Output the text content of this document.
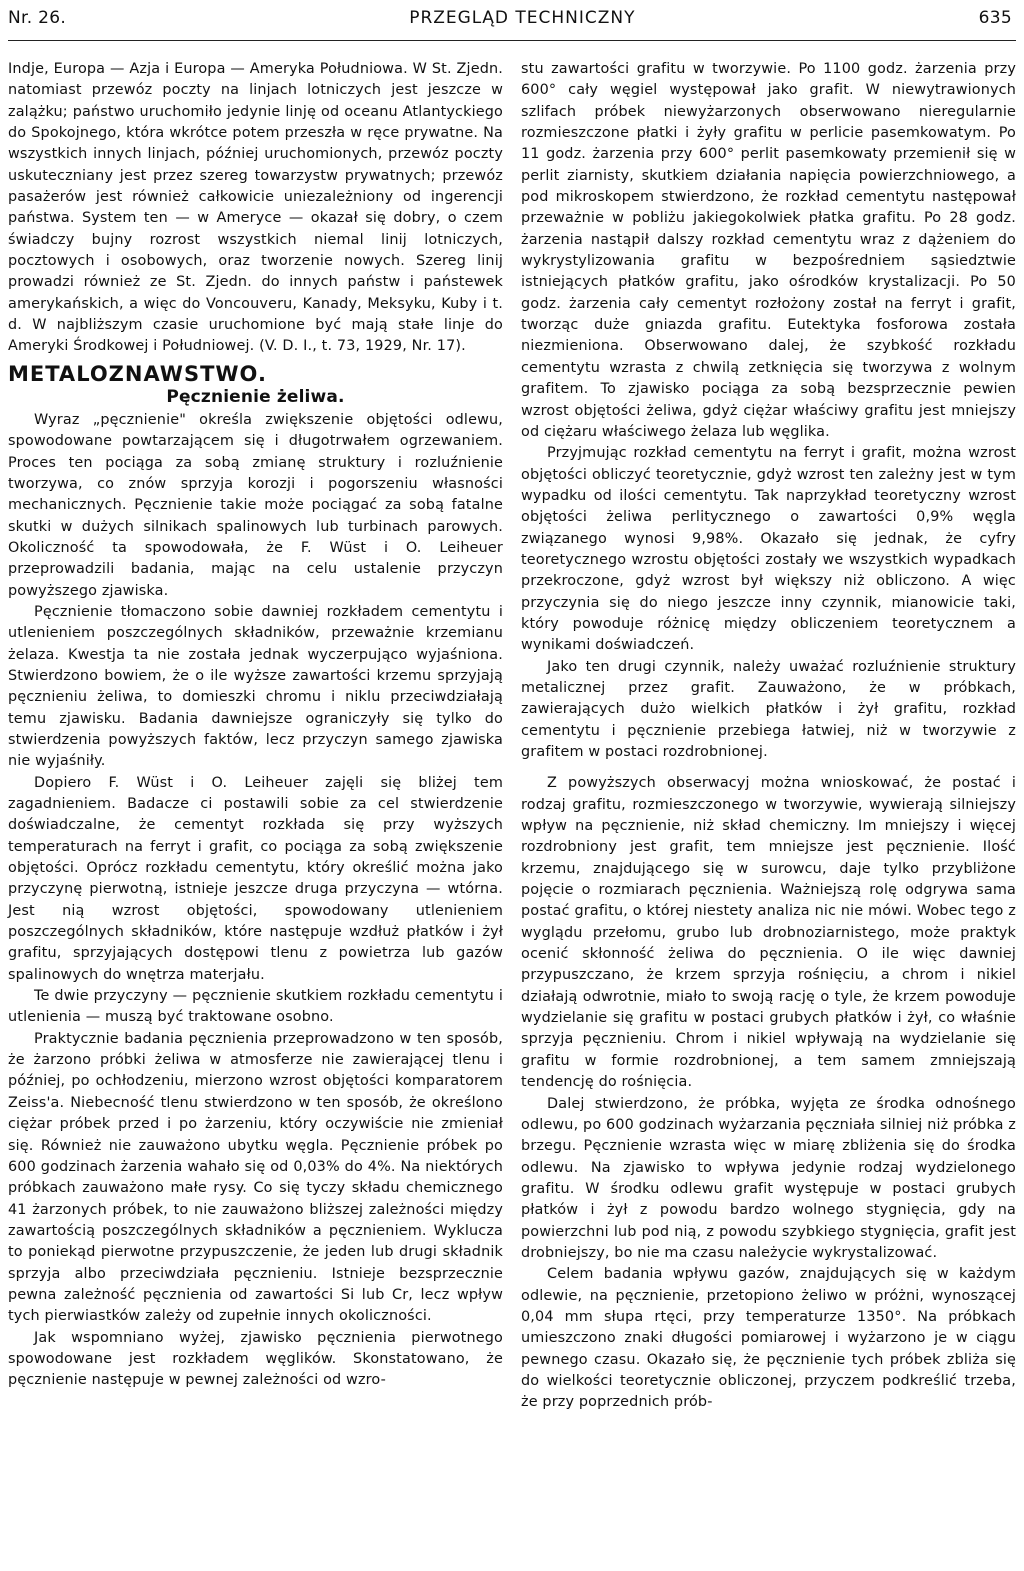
Nr. 26.	PRZEGLĄD TECHNICZNY	635

Indje, Europa — Azja i Europa — Ameryka Południowa. W St. Zjedn. natomiast przewóz poczty na linjach lotniczych jest jeszcze w zalążku; państwo uruchomiło jedynie linję od oceanu Atlantyckiego do Spokojnego, która wkrótce potem przeszła w ręce prywatne. Na wszystkich innych linjach, później uruchomionych, przewóz poczty uskuteczniany jest przez szereg towarzystw prywatnych; przewóz pasażerów jest również całkowicie uniezależniony od ingerencji państwa. System ten — w Ameryce — okazał się dobry, o czem świadczy bujny rozrost wszystkich niemal linij lotniczych, pocztowych i osobowych, oraz tworzenie nowych. Szereg linij prowadzi również ze St. Zjedn. do innych państw i państewek amerykańskich, a więc do Voncouveru, Kanady, Meksyku, Kuby i t. d. W najbliższym czasie uruchomione być mają stałe linje do Ameryki Środkowej i Południowej. (V. D. I., t. 73, 1929, Nr. 17).

METALOZNAWSTWO.
Pęcznienie żeliwa.

Wyraz „pęcznienie" określa zwiększenie objętości odlewu, spowodowane powtarzającem się i długotrwałem ogrzewaniem. Proces ten pociąga za sobą zmianę struktury i rozluźnienie tworzywa, co znów sprzyja korozji i pogorszeniu własności mechanicznych. Pęcznienie takie może pociągać za sobą fatalne skutki w dużych silnikach spalinowych lub turbinach parowych. Okoliczność ta spowodowała, że F. Wüst i O. Leiheuer przeprowadzili badania, mając na celu ustalenie przyczyn powyższego zjawiska.

Pęcznienie tłomaczono sobie dawniej rozkładem cementytu i utlenieniem poszczególnych składników, przeważnie krzemianu żelaza. Kwestja ta nie została jednak wyczerpująco wyjaśniona. Stwierdzono bowiem, że o ile wyższe zawartości krzemu sprzyjają pęcznieniu żeliwa, to domieszki chromu i niklu przeciwdziałają temu zjawisku. Badania dawniejsze ograniczyły się tylko do stwierdzenia powyższych faktów, lecz przyczyn samego zjawiska nie wyjaśniły.

Dopiero F. Wüst i O. Leiheuer zajęli się bliżej tem zagadnieniem. Badacze ci postawili sobie za cel stwierdzenie doświadczalne, że cementyt rozkłada się przy wyższych temperaturach na ferryt i grafit, co pociąga za sobą zwiększenie objętości. Oprócz rozkładu cementytu, który określić można jako przyczynę pierwotną, istnieje jeszcze druga przyczyna — wtórna. Jest nią wzrost objętości, spowodowany utlenieniem poszczególnych składników, które następuje wzdłuż płatków i żył grafitu, sprzyjających dostępowi tlenu z powietrza lub gazów spalinowych do wnętrza materjału.

Te dwie przyczyny — pęcznienie skutkiem rozkładu cementytu i utlenienia — muszą być traktowane osobno.

Praktycznie badania pęcznienia przeprowadzono w ten sposób, że żarzono próbki żeliwa w atmosferze nie zawierającej tlenu i później, po ochłodzeniu, mierzono wzrost objętości komparatorem Zeiss'a. Niebecność tlenu stwierdzono w ten sposób, że określono ciężar próbek przed i po żarzeniu, który oczywiście nie zmieniał się. Również nie zauważono ubytku węgla. Pęcznienie próbek po 600 godzinach żarzenia wahało się od 0,03% do 4%. Na niektórych próbkach zauważono małe rysy. Co się tyczy składu chemicznego 41 żarzonych próbek, to nie zauważono bliższej zależności między zawartością poszczególnych składników a pęcznieniem. Wyklucza to poniekąd pierwotne przypuszczenie, że jeden lub drugi składnik sprzyja albo przeciwdziała pęcznieniu. Istnieje bezsprzecznie pewna zależność pęcznienia od zawartości Si lub Cr, lecz wpływ tych pierwiastków zależy od zupełnie innych okoliczności.

Jak wspomniano wyżej, zjawisko pęcznienia pierwotnego spowodowane jest rozkładem węglików. Skonstatowano, że pęcznienie następuje w pewnej zależności od wzro-

stu zawartości grafitu w tworzywie. Po 1100 godz. żarzenia przy 600° cały węgiel występował jako grafit. W niewytrawionych szlifach próbek niewyżarzonych obserwowano nieregularnie rozmieszczone płatki i żyły grafitu w perlicie pasemkowatym. Po 11 godz. żarzenia przy 600° perlit pasemkowaty przemienił się w perlit ziarnisty, skutkiem działania napięcia powierzchniowego, a pod mikroskopem stwierdzono, że rozkład cementytu następował przeważnie w pobliżu jakiegokolwiek płatka grafitu. Po 28 godz. żarzenia nastąpił dalszy rozkład cementytu wraz z dążeniem do wykrystylizowania grafitu w bezpośredniem sąsiedztwie istniejących płatków grafitu, jako ośrodków krystalizacji. Po 50 godz. żarzenia cały cementyt rozłożony został na ferryt i grafit, tworząc duże gniazda grafitu. Eutektyka fosforowa została niezmieniona. Obserwowano dalej, że szybkość rozkładu cementytu wzrasta z chwilą zetknięcia się tworzywa z wolnym grafitem. To zjawisko pociąga za sobą bezsprzecznie pewien wzrost objętości żeliwa, gdyż ciężar właściwy grafitu jest mniejszy od ciężaru właściwego żelaza lub węglika.

Przyjmując rozkład cementytu na ferryt i grafit, można wzrost objętości obliczyć teoretycznie, gdyż wzrost ten zależny jest w tym wypadku od ilości cementytu. Tak naprzykład teoretyczny wzrost objętości żeliwa perlitycznego o zawartości 0,9% węgla związanego wynosi 9,98%. Okazało się jednak, że cyfry teoretycznego wzrostu objętości zostały we wszystkich wypadkach przekroczone, gdyż wzrost był większy niż obliczono. A więc przyczynia się do niego jeszcze inny czynnik, mianowicie taki, który powoduje różnicę między obliczeniem teoretycznem a wynikami doświadczeń.

Jako ten drugi czynnik, należy uważać rozluźnienie struktury metalicznej przez grafit. Zauważono, że w próbkach, zawierających dużo wielkich płatków i żył grafitu, rozkład cementytu i pęcznienie przebiega łatwiej, niż w tworzywie z grafitem w postaci rozdrobnionej.

Z powyższych obserwacyj można wnioskować, że postać i rodzaj grafitu, rozmieszczonego w tworzywie, wywierają silniejszy wpływ na pęcznienie, niż skład chemiczny. Im mniejszy i więcej rozdrobniony jest grafit, tem mniejsze jest pęcznienie. Ilość krzemu, znajdującego się w surowcu, daje tylko przybliżone pojęcie o rozmiarach pęcznienia. Ważniejszą rolę odgrywa sama postać grafitu, o której niestety analiza nic nie mówi. Wobec tego z wyglądu przełomu, grubo lub drobnoziarnistego, może praktyk ocenić skłonność żeliwa do pęcznienia. O ile więc dawniej przypuszczano, że krzem sprzyja rośnięciu, a chrom i nikiel działają odwrotnie, miało to swoją rację o tyle, że krzem powoduje wydzielanie się grafitu w postaci grubych płatków i żył, co właśnie sprzyja pęcznieniu. Chrom i nikiel wpływają na wydzielanie się grafitu w formie rozdrobnionej, a tem samem zmniejszają tendencję do rośnięcia.

Dalej stwierdzono, że próbka, wyjęta ze środka odnośnego odlewu, po 600 godzinach wyżarzania pęczniała silniej niż próbka z brzegu. Pęcznienie wzrasta więc w miarę zbliżenia się do środka odlewu. Na zjawisko to wpływa jedynie rodzaj wydzielonego grafitu. W środku odlewu grafit występuje w postaci grubych płatków i żył z powodu bardzo wolnego stygnięcia, gdy na powierzchni lub pod nią, z powodu szybkiego stygnięcia, grafit jest drobniejszy, bo nie ma czasu należycie wykrystalizować.

Celem badania wpływu gazów, znajdujących się w każdym odlewie, na pęcznienie, przetopiono żeliwo w próżni, wynoszącej 0,04 mm słupa rtęci, przy temperaturze 1350°. Na próbkach umieszczono znaki długości pomiarowej i wyżarzono je w ciągu pewnego czasu. Okazało się, że pęcznienie tych próbek zbliża się do wielkości teoretycznie obliczonej, przyczem podkreślić trzeba, że przy poprzednich prób-
